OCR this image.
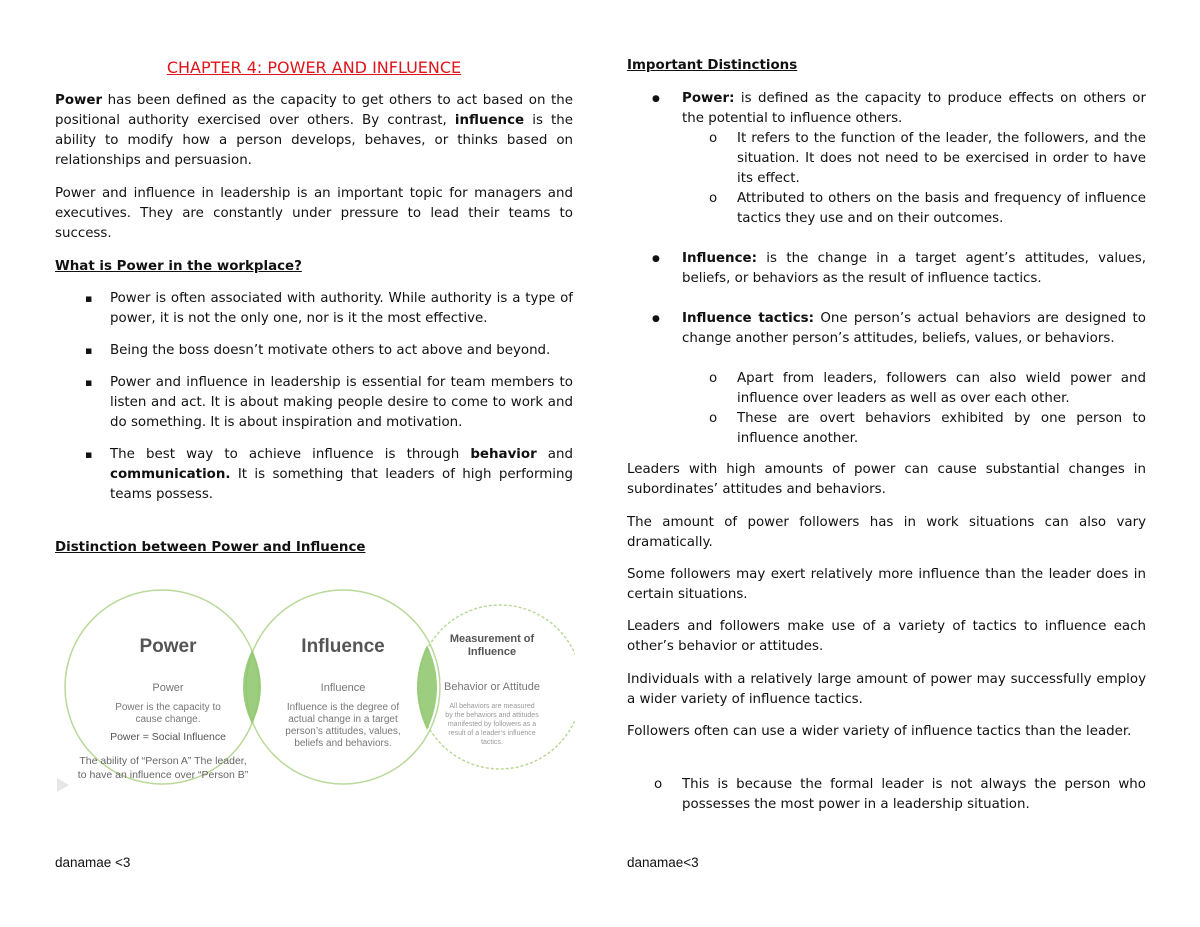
CHAPTER 4: POWER AND INFLUENCE

Power has been defined as the capacity to get others to act based on the positional authority exercised over others. By contrast, influence is the ability to modify how a person develops, behaves, or thinks based on relationships and persuasion.

Power and influence in leadership is an important topic for managers and executives. They are constantly under pressure to lead their teams to success.

What is Power in the workplace?

▪ Power is often associated with authority. While authority is a type of power, it is not the only one, nor is it the most effective.
▪ Being the boss doesn’t motivate others to act above and beyond.
▪ Power and influence in leadership is essential for team members to listen and act. It is about making people desire to come to work and do something. It is about inspiration and motivation.
▪ The best way to achieve influence is through behavior and communication. It is something that leaders of high performing teams possess.

Distinction between Power and Influence

Power
Power
Power is the capacity to
cause change.
Power = Social Influence
The ability of “Person A” The leader,
to have an influence over “Person B”
Influence
Influence
Influence is the degree of
actual change in a target
person’s attitudes, values,
beliefs and behaviors.
Measurement of
Influence
Behavior or Attitude
All behaviors are measured
by the behaviors and attitudes
manifested by followers as a
result of a leader’s influence
tactics.
danamae <3

Important Distinctions

● Power: is defined as the capacity to produce effects on others or the potential to influence others.
o It refers to the function of the leader, the followers, and the situation. It does not need to be exercised in order to have its effect.
o Attributed to others on the basis and frequency of influence tactics they use and on their outcomes.
● Influence: is the change in a target agent’s attitudes, values, beliefs, or behaviors as the result of influence tactics.
● Influence tactics: One person’s actual behaviors are designed to change another person’s attitudes, beliefs, values, or behaviors.
o Apart from leaders, followers can also wield power and influence over leaders as well as over each other.
o These are overt behaviors exhibited by one person to influence another.

Leaders with high amounts of power can cause substantial changes in subordinates’ attitudes and behaviors.

The amount of power followers has in work situations can also vary dramatically.

Some followers may exert relatively more influence than the leader does in certain situations.

Leaders and followers make use of a variety of tactics to influence each other’s behavior or attitudes.

Individuals with a relatively large amount of power may successfully employ a wider variety of influence tactics.

Followers often can use a wider variety of influence tactics than the leader.

o This is because the formal leader is not always the person who possesses the most power in a leadership situation.
danamae<3
